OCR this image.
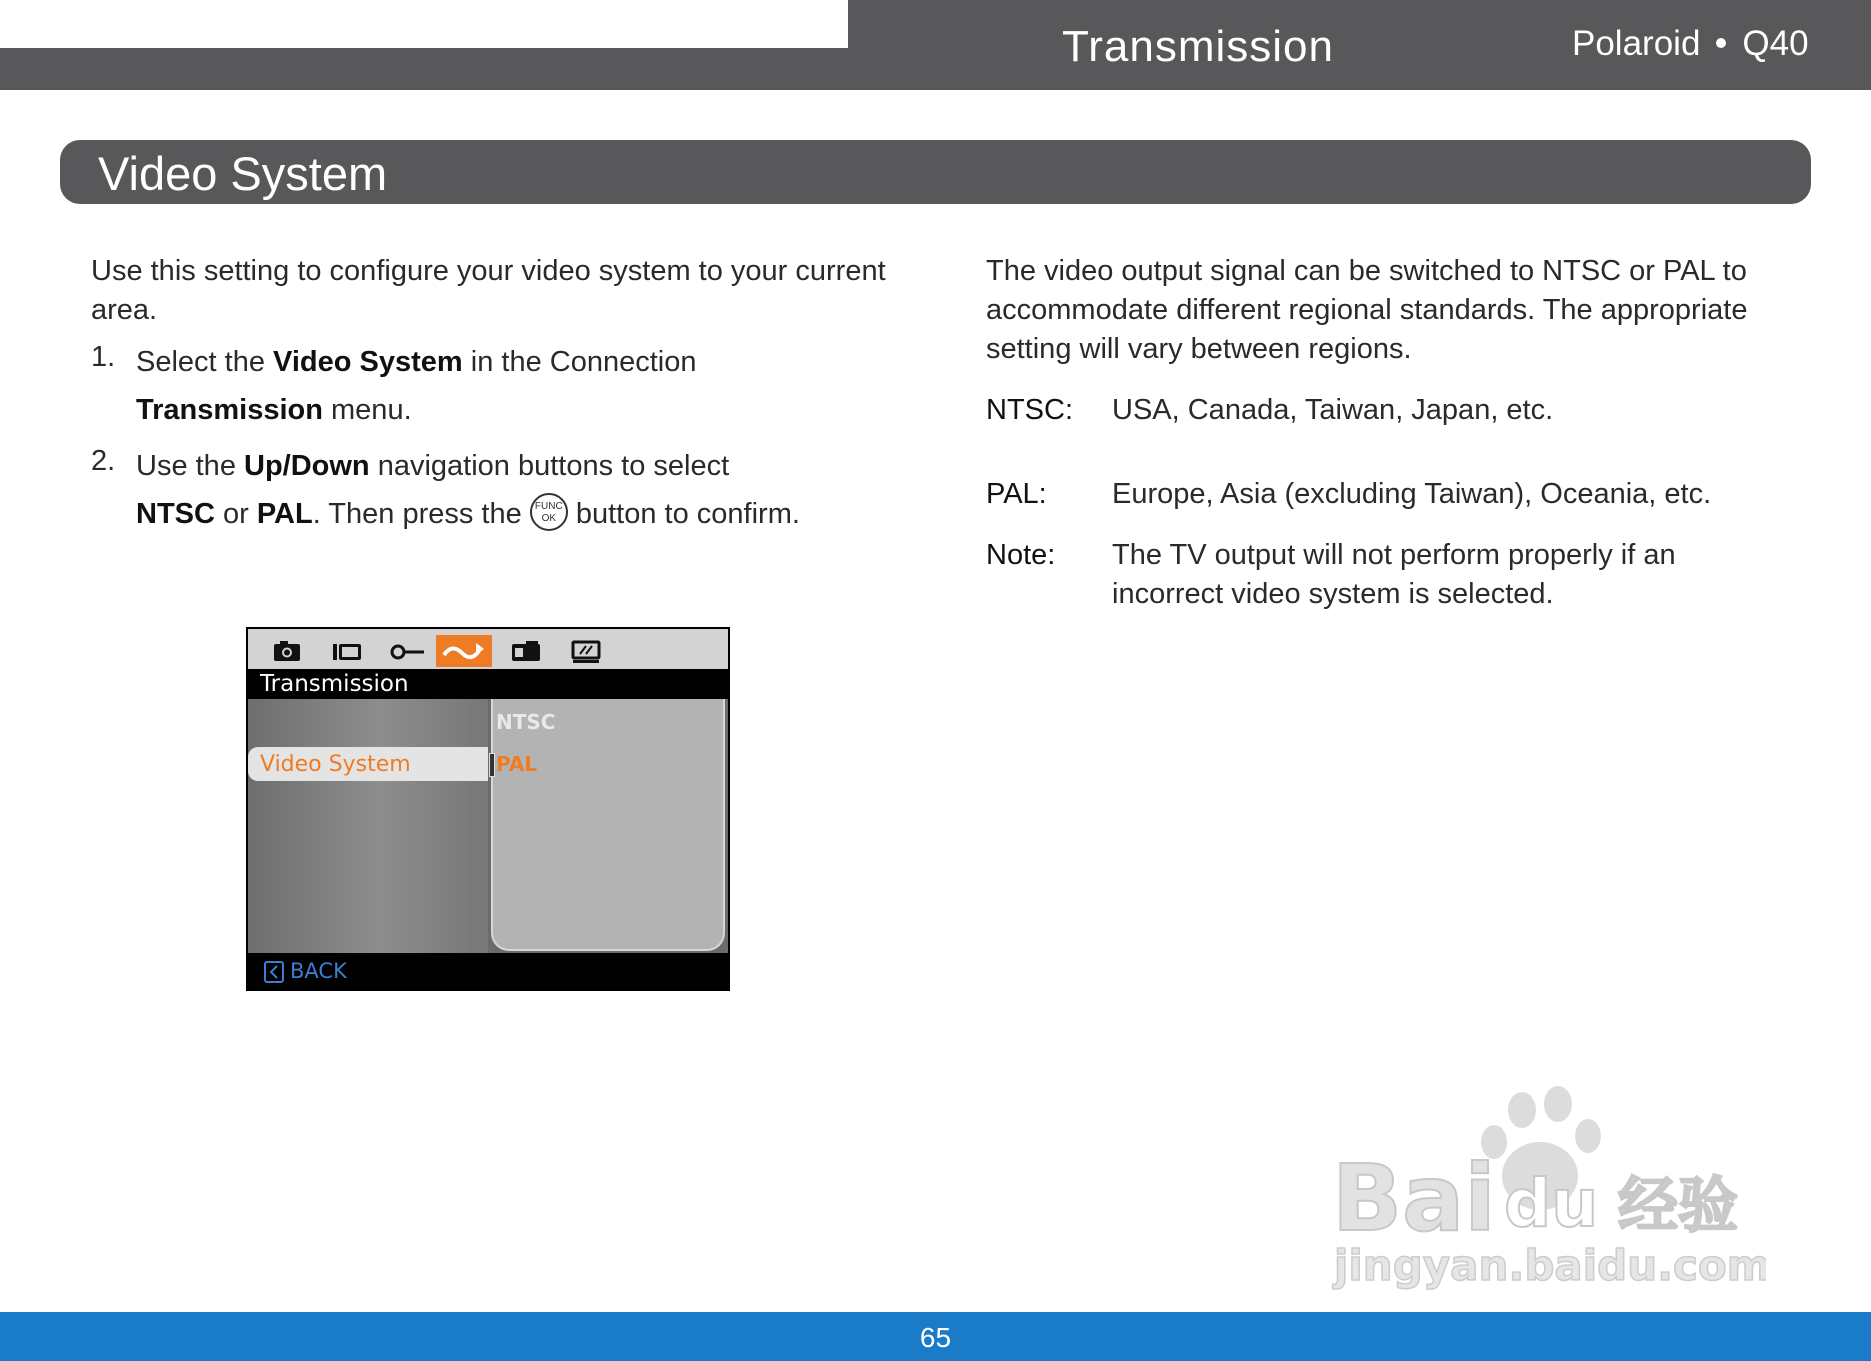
Transmission	Polaroid Q40
Video System
Use this setting to configure your video system to your current area.
1. Select the Video System in the Connection
Transmission menu.

2. Use the Up/Down navigation buttons to select
NTSC or PAL. Then press the FUNC
OK button to confirm.

The video output signal can be switched to NTSC or PAL to accommodate different regional standards. The appropriate setting will vary between regions.
NTSC: USA, Canada, Taiwan, Japan, etc.
PAL: Europe, Asia (excluding Taiwan), Oceania, etc.
Note: The TV output will not perform properly if an incorrect video system is selected.
Transmission
Video System
NTSC
PAL
BACK
Bai du 经验
jingyan.baidu.com
65
